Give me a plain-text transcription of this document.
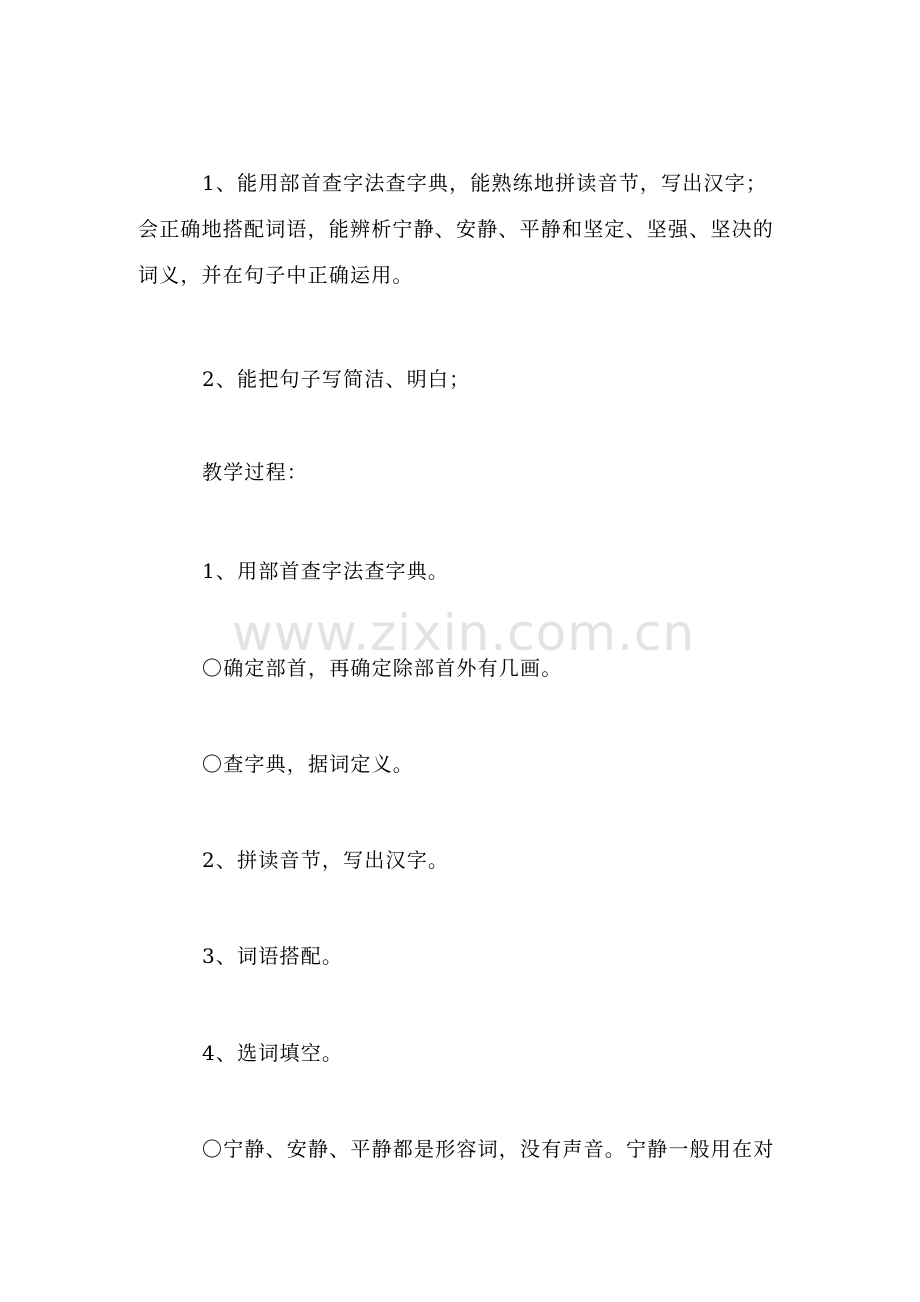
1、能用部首查字法查字典，能熟练地拼读音节，写出汉字；会正确地搭配词语，能辨析宁静、安静、平静和坚定、坚强、坚决的词义，并在句子中正确运用。

2、能把句子写简洁、明白；

教学过程：

1、用部首查字法查字典。

〇确定部首，再确定除部首外有几画。

〇查字典，据词定义。

2、拼读音节，写出汉字。

3、词语搭配。

4、选词填空。

〇宁静、安静、平静都是形容词，没有声音。宁静一般用在对

www.zixin.com.cn
